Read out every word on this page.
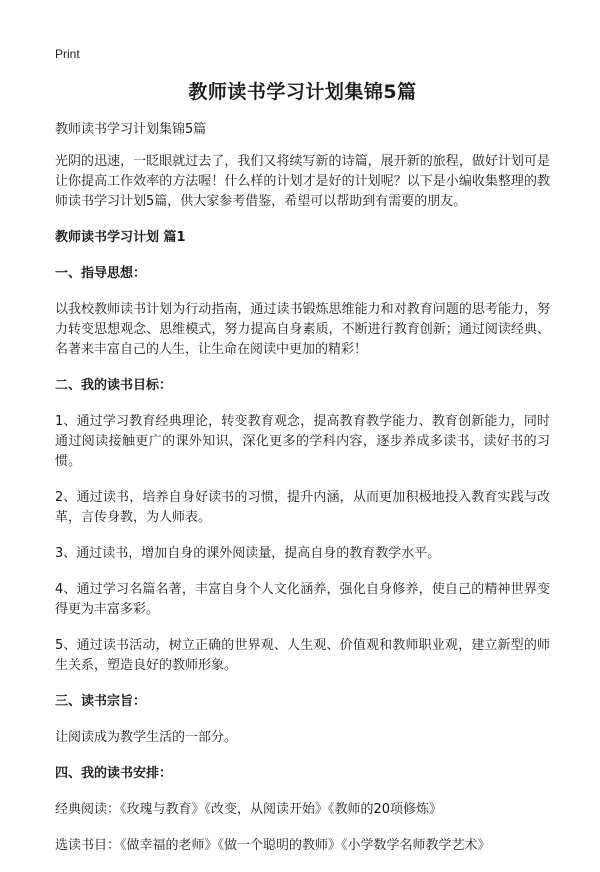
Print
教师读书学习计划集锦5篇

教师读书学习计划集锦5篇

光阴的迅速，一眨眼就过去了，我们又将续写新的诗篇，展开新的旅程，做好计划可是让你提高工作效率的方法喔！什么样的计划才是好的计划呢？以下是小编收集整理的教师读书学习计划5篇，供大家参考借鉴，希望可以帮助到有需要的朋友。

教师读书学习计划 篇1

一、指导思想：

以我校教师读书计划为行动指南，通过读书锻炼思维能力和对教育问题的思考能力，努力转变思想观念、思维模式，努力提高自身素质，不断进行教育创新；通过阅读经典、名著来丰富自己的人生，让生命在阅读中更加的精彩！

二、我的读书目标：

1、通过学习教育经典理论，转变教育观念，提高教育教学能力、教育创新能力，同时通过阅读接触更广的课外知识，深化更多的学科内容，逐步养成多读书，读好书的习惯。

2、通过读书，培养自身好读书的习惯，提升内涵，从而更加积极地投入教育实践与改革，言传身教，为人师表。

3、通过读书，增加自身的课外阅读量，提高自身的教育教学水平。

4、通过学习名篇名著，丰富自身个人文化涵养，强化自身修养，使自己的精神世界变得更为丰富多彩。

5、通过读书活动，树立正确的世界观、人生观、价值观和教师职业观，建立新型的师生关系，塑造良好的教师形象。

三、读书宗旨：

让阅读成为教学生活的一部分。

四、我的读书安排：

经典阅读：《玫瑰与教育》《改变，从阅读开始》《教师的20项修炼》

选读书目：《做幸福的老师》《做一个聪明的教师》《小学数学名师教学艺术》
